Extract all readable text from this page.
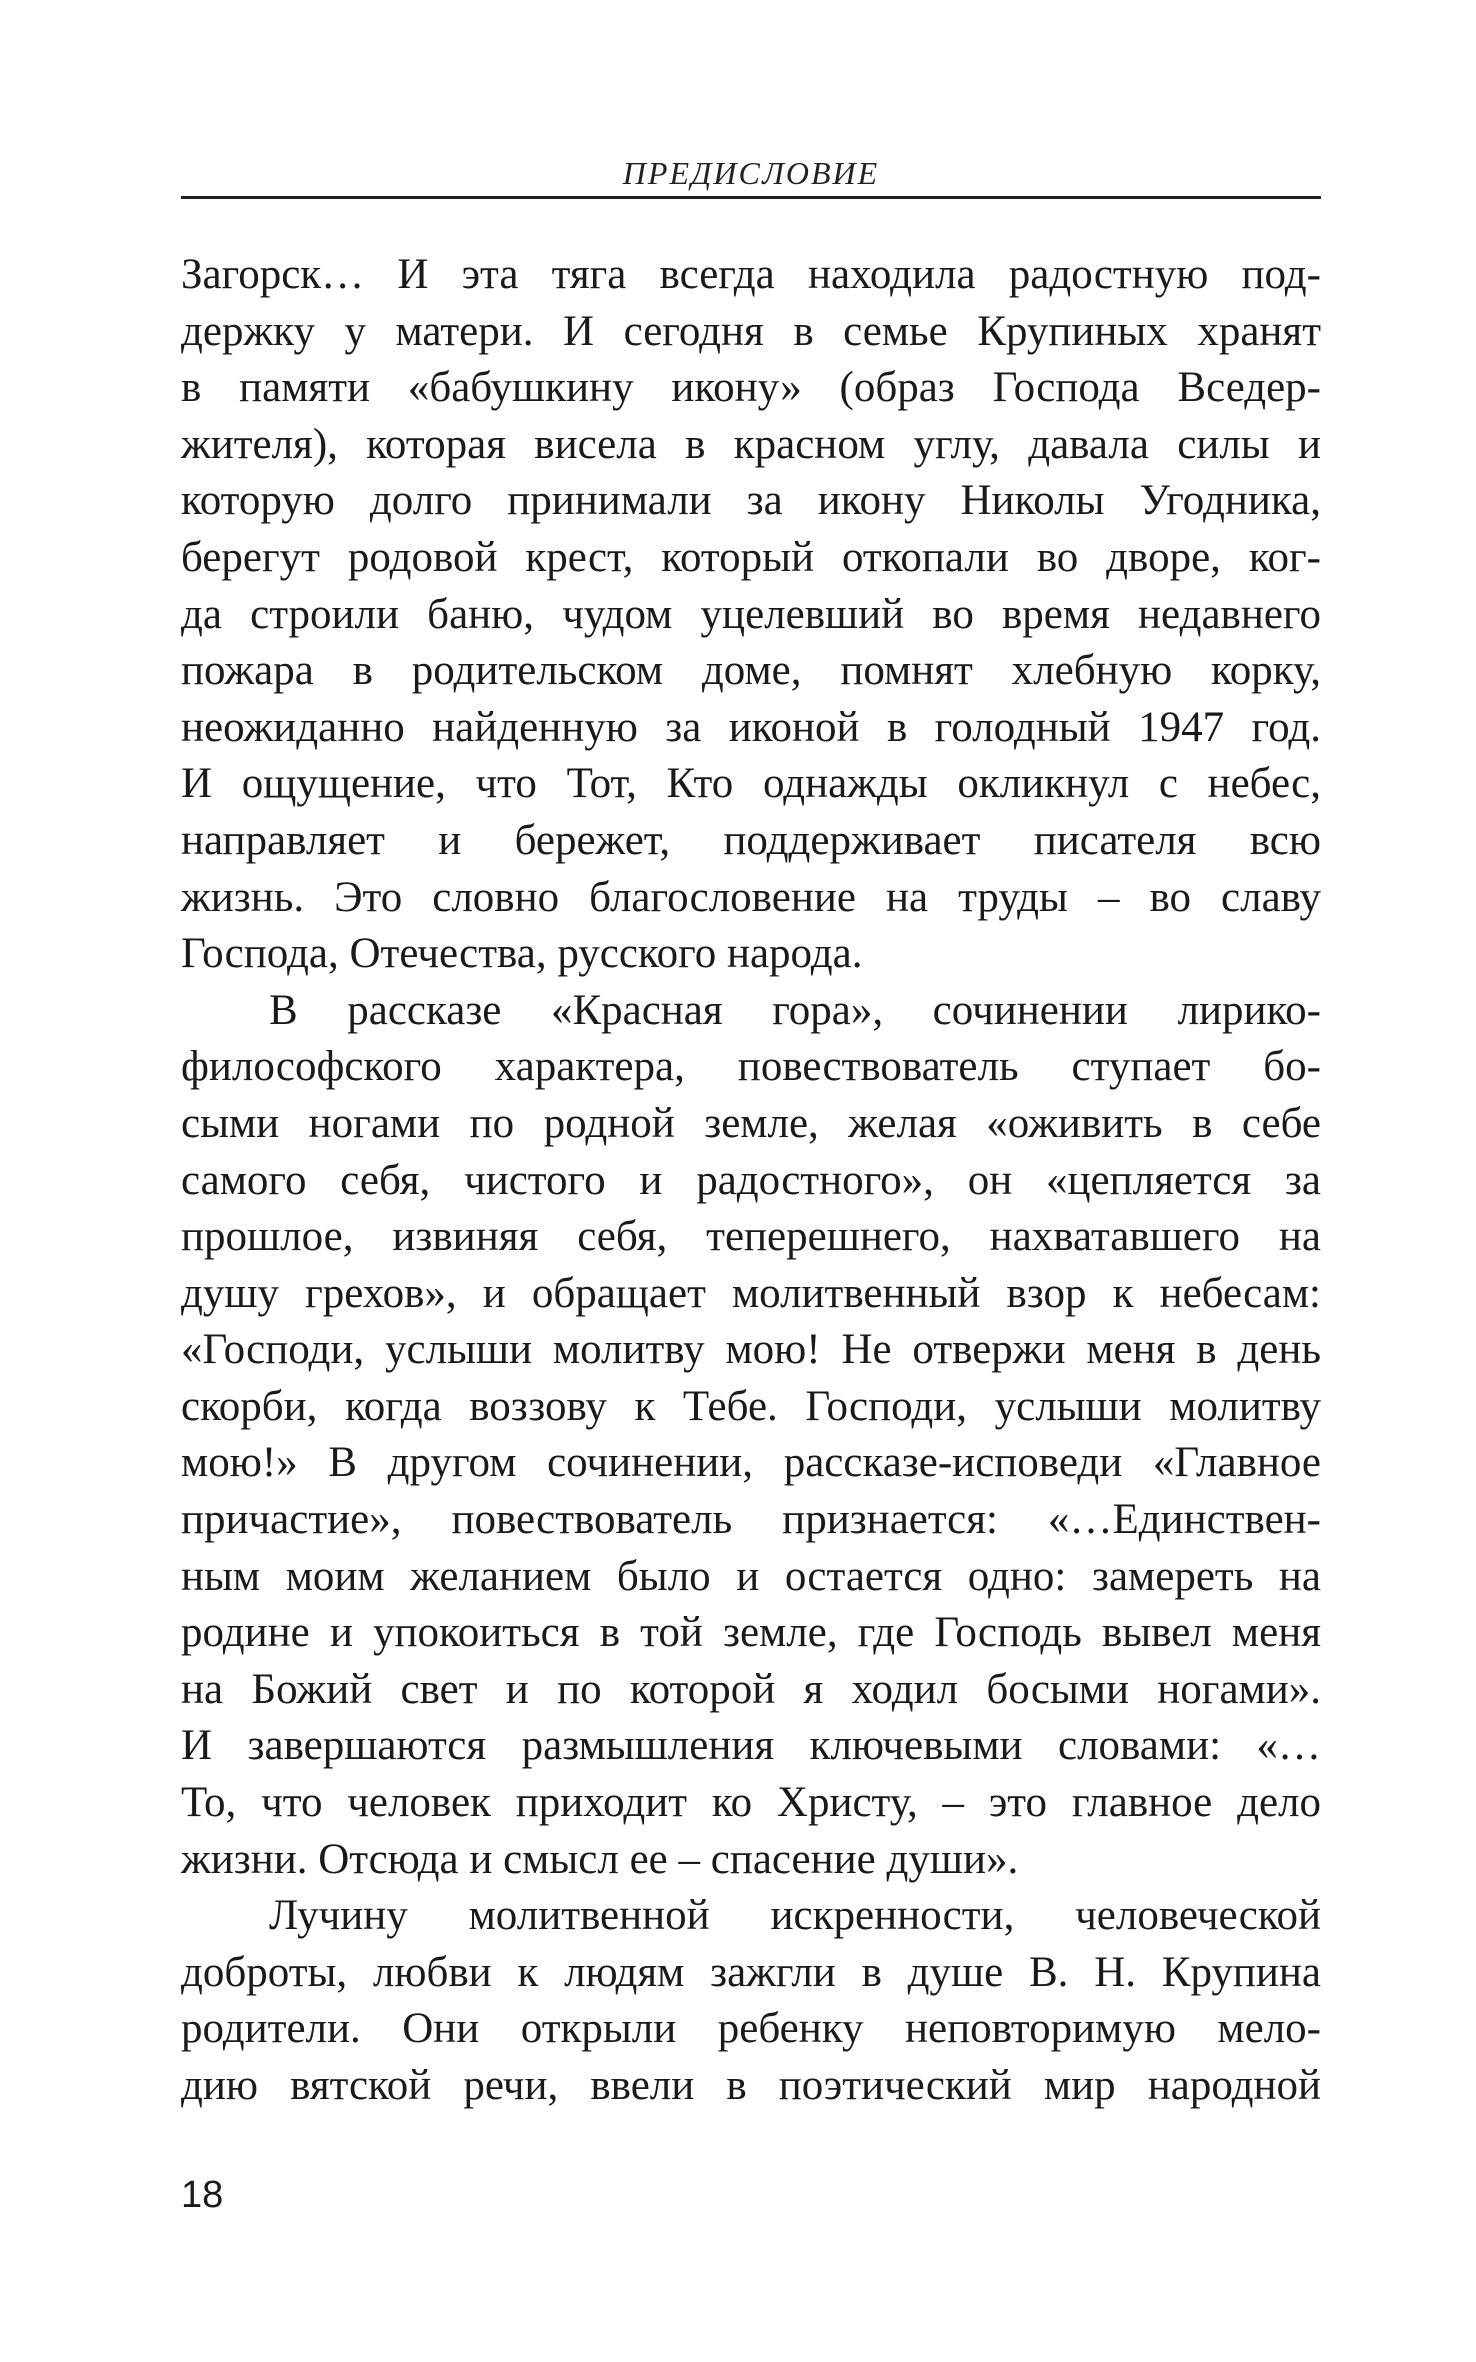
ПРЕДИСЛОВИЕ
Загорск… И эта тяга всегда находила радостную под-
держку у матери. И сегодня в семье Крупиных хранят
в памяти «бабушкину икону» (образ Господа Вседер-
жителя), которая висела в красном углу, давала силы и
которую долго принимали за икону Николы Угодника,
берегут родовой крест, который откопали во дворе, ког-
да строили баню, чудом уцелевший во время недавнего
пожара в родительском доме, помнят хлебную корку,
неожиданно найденную за иконой в голодный 1947 год.
И ощущение, что Тот, Кто однажды окликнул с небес,
направляет и бережет, поддерживает писателя всю
жизнь. Это словно благословение на труды – во славу
Господа, Отечества, русского народа.
В рассказе «Красная гора», сочинении лирико-
философского характера, повествователь ступает бо-
сыми ногами по родной земле, желая «оживить в себе
самого себя, чистого и радостного», он «цепляется за
прошлое, извиняя себя, теперешнего, нахватавшего на
душу грехов», и обращает молитвенный взор к небесам:
«Господи, услыши молитву мою! Не отвержи меня в день
скорби, когда воззову к Тебе. Господи, услыши молитву
мою!» В другом сочинении, рассказе-исповеди «Главное
причастие», повествователь признается: «…Единствен-
ным моим желанием было и остается одно: замереть на
родине и упокоиться в той земле, где Господь вывел меня
на Божий свет и по которой я ходил босыми ногами».
И завершаются размышления ключевыми словами: «…
То, что человек приходит ко Христу, – это главное дело
жизни. Отсюда и смысл ее – спасение души».
Лучину молитвенной искренности, человеческой
доброты, любви к людям зажгли в душе В. Н. Крупина
родители. Они открыли ребенку неповторимую мело-
дию вятской речи, ввели в поэтический мир народной
18
